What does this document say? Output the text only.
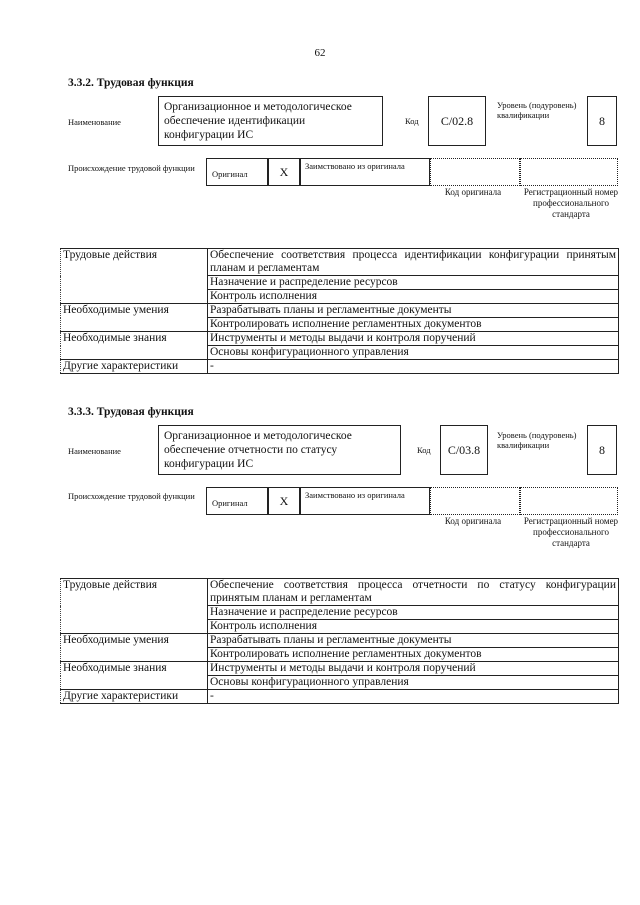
62
3.3.2. Трудовая функция
Наименование
Организационное и методологическое обеспечение идентификации конфигурации ИС
Код	C/02.8
Уровень (подуровень) квалификации	8
Происхождение трудовой функции
Оригинал	X	Заимствовано из оригинала
Код оригинала	Регистрационный номер профессионального стандарта
Трудовые действия	Обеспечение соответствия процесса идентификации конфигурации принятым планам и регламентам
	Назначение и распределение ресурсов
	Контроль исполнения
Необходимые умения	Разрабатывать планы и регламентные документы
	Контролировать исполнение регламентных документов
Необходимые знания	Инструменты и методы выдачи и контроля поручений
	Основы конфигурационного управления
Другие характеристики	-
3.3.3. Трудовая функция
Наименование
Организационное и методологическое обеспечение отчетности по статусу конфигурации ИС
Код	C/03.8
Уровень (подуровень) квалификации	8
Происхождение трудовой функции
Оригинал	X	Заимствовано из оригинала
Код оригинала	Регистрационный номер профессионального стандарта
Трудовые действия	Обеспечение соответствия процесса отчетности по статусу конфигурации принятым планам и регламентам
	Назначение и распределение ресурсов
	Контроль исполнения
Необходимые умения	Разрабатывать планы и регламентные документы
	Контролировать исполнение регламентных документов
Необходимые знания	Инструменты и методы выдачи и контроля поручений
	Основы конфигурационного управления
Другие характеристики	-
